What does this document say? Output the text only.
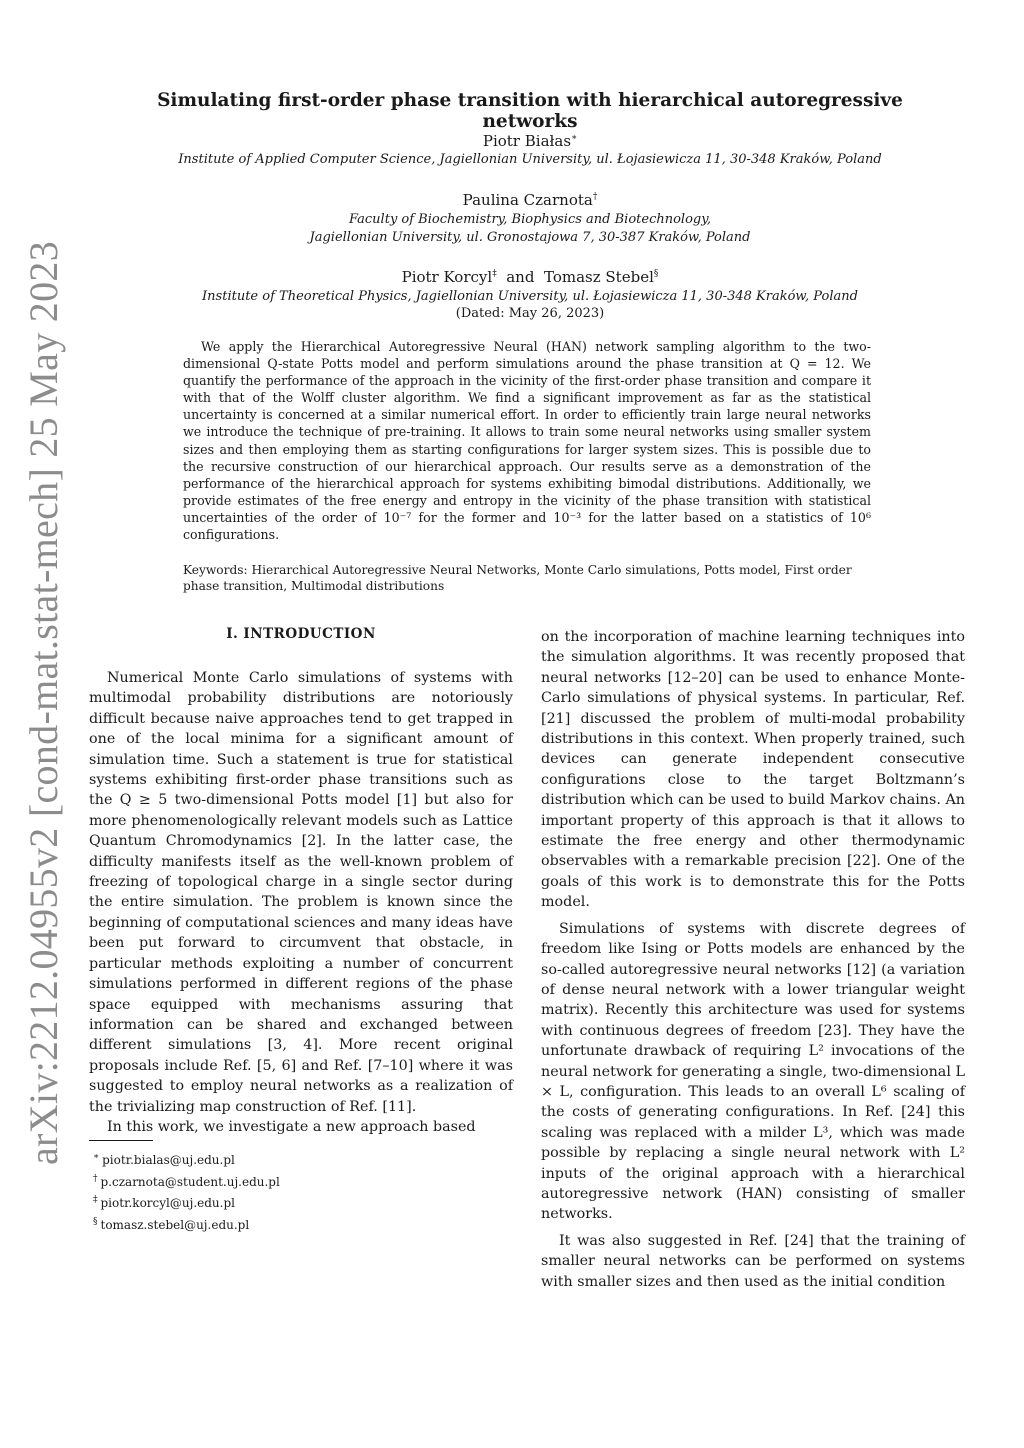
arXiv:2212.04955v2 [cond-mat.stat-mech] 25 May 2023
Simulating first-order phase transition with hierarchical autoregressive networks
Piotr Białas∗
Institute of Applied Computer Science, Jagiellonian University, ul. Łojasiewicza 11, 30-348 Kraków, Poland
Paulina Czarnota†
Faculty of Biochemistry, Biophysics and Biotechnology,
Jagiellonian University, ul. Gronostajowa 7, 30-387 Kraków, Poland
Piotr Korcyl‡ and Tomasz Stebel§
Institute of Theoretical Physics, Jagiellonian University, ul. Łojasiewicza 11, 30-348 Kraków, Poland
(Dated: May 26, 2023)

We apply the Hierarchical Autoregressive Neural (HAN) network sampling algorithm to the two-dimensional Q-state Potts model and perform simulations around the phase transition at Q = 12. We quantify the performance of the approach in the vicinity of the first-order phase transition and compare it with that of the Wolff cluster algorithm. We find a significant improvement as far as the statistical uncertainty is concerned at a similar numerical effort. In order to efficiently train large neural networks we introduce the technique of pre-training. It allows to train some neural networks using smaller system sizes and then employing them as starting configurations for larger system sizes. This is possible due to the recursive construction of our hierarchical approach. Our results serve as a demonstration of the performance of the hierarchical approach for systems exhibiting bimodal distributions. Additionally, we provide estimates of the free energy and entropy in the vicinity of the phase transition with statistical uncertainties of the order of 10⁻⁷ for the former and 10⁻³ for the latter based on a statistics of 10⁶ configurations.

Keywords: Hierarchical Autoregressive Neural Networks, Monte Carlo simulations, Potts model, First order phase transition, Multimodal distributions

I. INTRODUCTION

Numerical Monte Carlo simulations of systems with multimodal probability distributions are notoriously difficult because naive approaches tend to get trapped in one of the local minima for a significant amount of simulation time. Such a statement is true for statistical systems exhibiting first-order phase transitions such as the Q ≥ 5 two-dimensional Potts model [1] but also for more phenomenologically relevant models such as Lattice Quantum Chromodynamics [2]. In the latter case, the difficulty manifests itself as the well-known problem of freezing of topological charge in a single sector during the entire simulation. The problem is known since the beginning of computational sciences and many ideas have been put forward to circumvent that obstacle, in particular methods exploiting a number of concurrent simulations performed in different regions of the phase space equipped with mechanisms assuring that information can be shared and exchanged between different simulations [3, 4]. More recent original proposals include Ref. [5, 6] and Ref. [7–10] where it was suggested to employ neural networks as a realization of the trivializing map construction of Ref. [11].

In this work, we investigate a new approach based

on the incorporation of machine learning techniques into the simulation algorithms. It was recently proposed that neural networks [12–20] can be used to enhance Monte-Carlo simulations of physical systems. In particular, Ref. [21] discussed the problem of multi-modal probability distributions in this context. When properly trained, such devices can generate independent consecutive configurations close to the target Boltzmann’s distribution which can be used to build Markov chains. An important property of this approach is that it allows to estimate the free energy and other thermodynamic observables with a remarkable precision [22]. One of the goals of this work is to demonstrate this for the Potts model.

Simulations of systems with discrete degrees of freedom like Ising or Potts models are enhanced by the so-called autoregressive neural networks [12] (a variation of dense neural network with a lower triangular weight matrix). Recently this architecture was used for systems with continuous degrees of freedom [23]. They have the unfortunate drawback of requiring L² invocations of the neural network for generating a single, two-dimensional L × L, configuration. This leads to an overall L⁶ scaling of the costs of generating configurations. In Ref. [24] this scaling was replaced with a milder L³, which was made possible by replacing a single neural network with L² inputs of the original approach with a hierarchical autoregressive network (HAN) consisting of smaller networks.

It was also suggested in Ref. [24] that the training of smaller neural networks can be performed on systems with smaller sizes and then used as the initial condition

∗ piotr.bialas@uj.edu.pl
† p.czarnota@student.uj.edu.pl
‡ piotr.korcyl@uj.edu.pl
§ tomasz.stebel@uj.edu.pl
